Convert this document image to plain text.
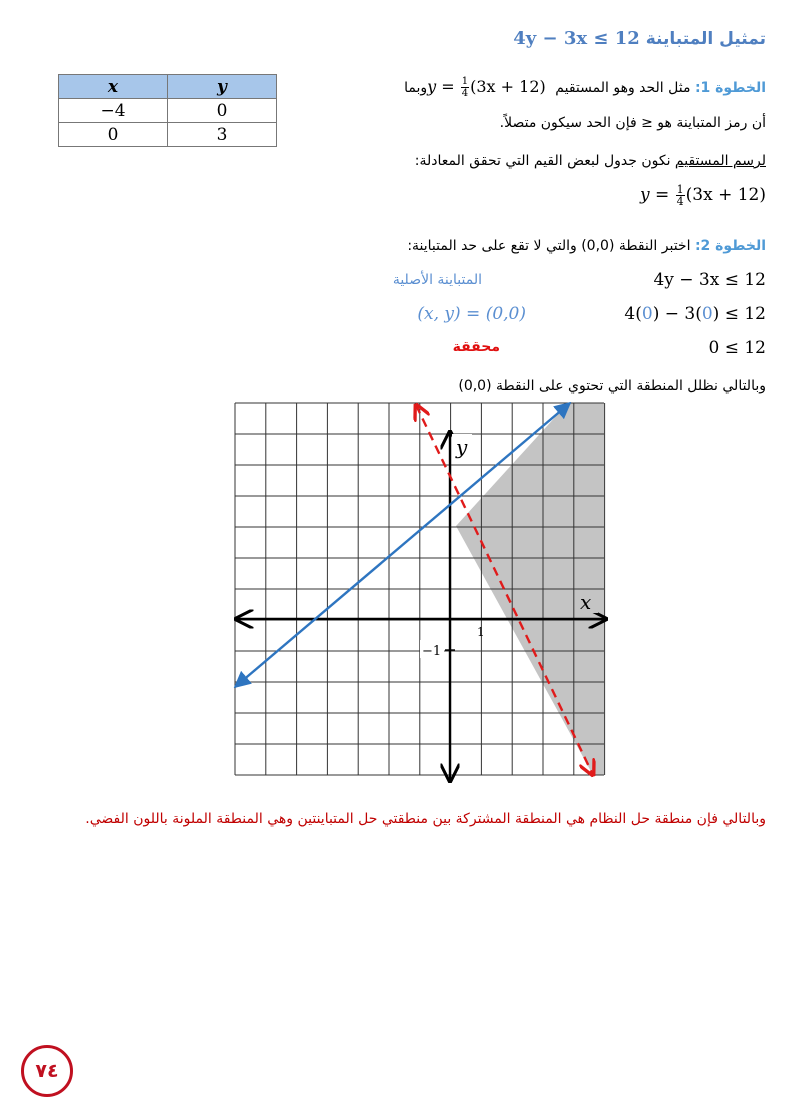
تمثيل المتباينة 4y − 3x ≤ 12
الخطوة 1: مثل الحد وهو المستقيم $y = \frac{1}{4} (3x + 12)$ وبما
أن رمز المتباينة هو ≤ فإن الحد سيكون متصلاً.
لرسم المستقيم نكون جدول لبعض القيم التي تحقق المعادلة:
$y = \frac{1}{4} (3x + 12)$
x	y
−4	0
0	3
الخطوة 2: اختبر النقطة (0,0) والتي لا تقع على حد المتباينة:
4y − 3x ≤ 12
المتباينة الأصلية
4(0) − 3(0) ≤ 12
(x, y) = (0,0)
0 ≤ 12
محققة
وبالتالي نظلل المنطقة التي تحتوي على النقطة (0,0)
y
x
1
−1
وبالتالي فإن منطقة حل النظام هي المنطقة المشتركة بين منطقتي حل المتباينتين وهي المنطقة الملونة باللون الفضي.
٧٤
